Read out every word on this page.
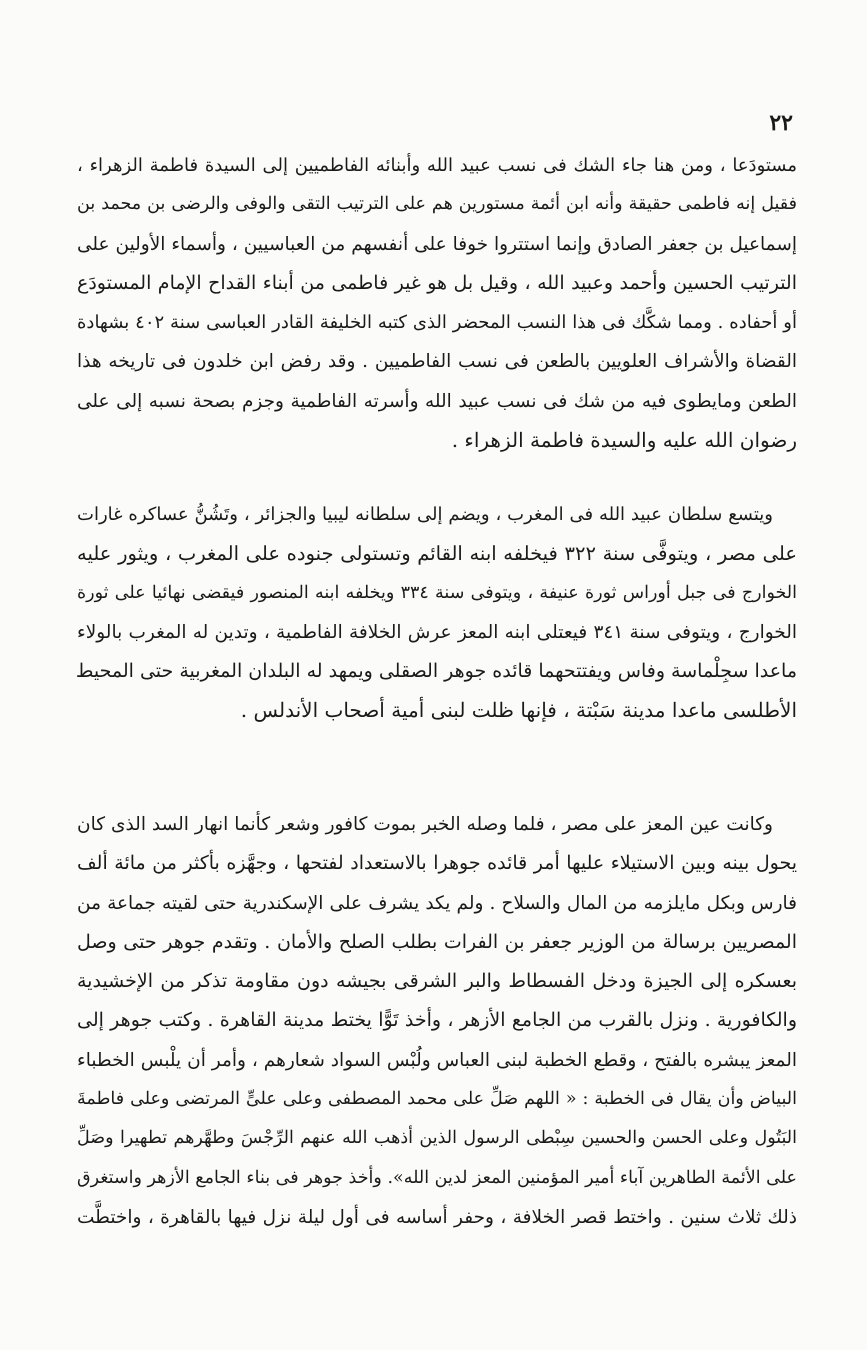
٢٢
مستودَعا ، ومن هنا جاء الشك فى نسب عبيد الله وأبنائه الفاطميين إلى السيدة فاطمة الزهراء ،
فقيل إنه فاطمى حقيقة وأنه ابن أئمة مستورين هم على الترتيب التقى والوفى والرضى بن محمد بن
إسماعيل بن جعفر الصادق وإنما استتروا خوفا على أنفسهم من العباسيين ، وأسماء الأولين على
الترتيب الحسين وأحمد وعبيد الله ، وقيل بل هو غير فاطمى من أبناء القداح الإمام المستودَع
أو أحفاده . ومما شكَّك فى هذا النسب المحضر الذى كتبه الخليفة القادر العباسى سنة ٤٠٢ بشهادة
القضاة والأشراف العلويين بالطعن فى نسب الفاطميين . وقد رفض ابن خلدون فى تاريخه هذا
الطعن ومايطوى فيه من شك فى نسب عبيد الله وأسرته الفاطمية وجزم بصحة نسبه إلى على
رضوان الله عليه والسيدة فاطمة الزهراء .
ويتسع سلطان عبيد الله فى المغرب ، ويضم إلى سلطانه ليبيا والجزائر ، وتَشُنُّ عساكره غارات
على مصر ، ويتوفَّى سنة ٣٢٢ فيخلفه ابنه القائم وتستولى جنوده على المغرب ، ويثور عليه
الخوارج فى جبل أوراس ثورة عنيفة ، ويتوفى سنة ٣٣٤ ويخلفه ابنه المنصور فيقضى نهائيا على ثورة
الخوارج ، ويتوفى سنة ٣٤١ فيعتلى ابنه المعز عرش الخلافة الفاطمية ، وتدين له المغرب بالولاء
ماعدا سجِلْماسة وفاس ويفتتحهما قائده جوهر الصقلى ويمهد له البلدان المغربية حتى المحيط
الأطلسى ماعدا مدينة سَبْتة ، فإنها ظلت لبنى أمية أصحاب الأندلس .
وكانت عين المعز على مصر ، فلما وصله الخبر بموت كافور وشعر كأنما انهار السد الذى كان
يحول بينه وبين الاستيلاء عليها أمر قائده جوهرا بالاستعداد لفتحها ، وجهَّزه بأكثر من مائة ألف
فارس وبكل مايلزمه من المال والسلاح . ولم يكد يشرف على الإسكندرية حتى لقيته جماعة من
المصريين برسالة من الوزير جعفر بن الفرات بطلب الصلح والأمان . وتقدم جوهر حتى وصل
بعسكره إلى الجيزة ودخل الفسطاط والبر الشرقى بجيشه دون مقاومة تذكر من الإخشيدية
والكافورية . ونزل بالقرب من الجامع الأزهر ، وأخذ تَوًّا يختط مدينة القاهرة . وكتب جوهر إلى
المعز يبشره بالفتح ، وقطع الخطبة لبنى العباس ولُبْس السواد شعارهم ، وأمر أن يلْبس الخطباء
البياض وأن يقال فى الخطبة : « اللهم صَلِّ على محمد المصطفى وعلى علىٍّ المرتضى وعلى فاطمةَ
البَتُول وعلى الحسن والحسين سِبْطى الرسول الذين أذهب الله عنهم الرِّجْسَ وطهَّرهم تطهيرا وصَلِّ
على الأئمة الطاهرين آباء أمير المؤمنين المعز لدين الله». وأخذ جوهر فى بناء الجامع الأزهر واستغرق
ذلك ثلاث سنين . واختط قصر الخلافة ، وحفر أساسه فى أول ليلة نزل فيها بالقاهرة ، واختطَّت
